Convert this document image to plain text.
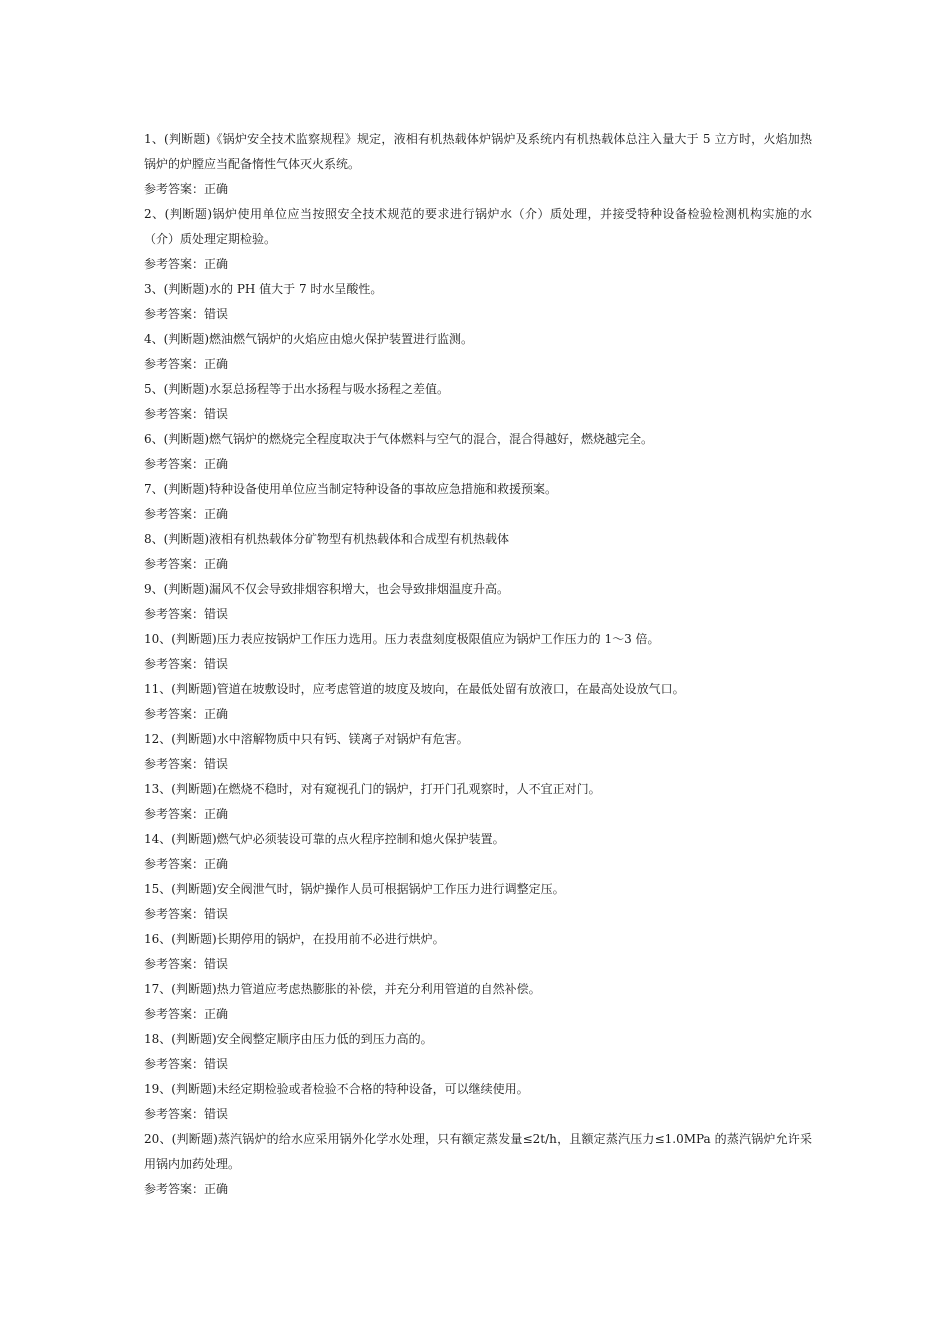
1、(判断题)《锅炉安全技术监察规程》规定，液相有机热载体炉锅炉及系统内有机热载体总注入量大于 5 立方时，火焰加热锅炉的炉膛应当配备惰性气体灭火系统。
参考答案：正确
2、(判断题)锅炉使用单位应当按照安全技术规范的要求进行锅炉水（介）质处理，并接受特种设备检验检测机构实施的水（介）质处理定期检验。
参考答案：正确
3、(判断题)水的 PH 值大于 7 时水呈酸性。
参考答案：错误
4、(判断题)燃油燃气锅炉的火焰应由熄火保护装置进行监测。
参考答案：正确
5、(判断题)水泵总扬程等于出水扬程与吸水扬程之差值。
参考答案：错误
6、(判断题)燃气锅炉的燃烧完全程度取决于气体燃料与空气的混合，混合得越好，燃烧越完全。
参考答案：正确
7、(判断题)特种设备使用单位应当制定特种设备的事故应急措施和救援预案。
参考答案：正确
8、(判断题)液相有机热载体分矿物型有机热载体和合成型有机热载体
参考答案：正确
9、(判断题)漏风不仅会导致排烟容积增大，也会导致排烟温度升高。
参考答案：错误
10、(判断题)压力表应按锅炉工作压力选用。压力表盘刻度极限值应为锅炉工作压力的 1～3 倍。
参考答案：错误
11、(判断题)管道在坡敷设时，应考虑管道的坡度及坡向，在最低处留有放液口，在最高处设放气口。
参考答案：正确
12、(判断题)水中溶解物质中只有钙、镁离子对锅炉有危害。
参考答案：错误
13、(判断题)在燃烧不稳时，对有窥视孔门的锅炉，打开门孔观察时，人不宜正对门。
参考答案：正确
14、(判断题)燃气炉必须装设可靠的点火程序控制和熄火保护装置。
参考答案：正确
15、(判断题)安全阀泄气时，锅炉操作人员可根据锅炉工作压力进行调整定压。
参考答案：错误
16、(判断题)长期停用的锅炉，在投用前不必进行烘炉。
参考答案：错误
17、(判断题)热力管道应考虑热膨胀的补偿，并充分利用管道的自然补偿。
参考答案：正确
18、(判断题)安全阀整定顺序由压力低的到压力高的。
参考答案：错误
19、(判断题)未经定期检验或者检验不合格的特种设备，可以继续使用。
参考答案：错误
20、(判断题)蒸汽锅炉的给水应采用锅外化学水处理，只有额定蒸发量≤2t/h，且额定蒸汽压力≤1.0MPa 的蒸汽锅炉允许采用锅内加药处理。
参考答案：正确
